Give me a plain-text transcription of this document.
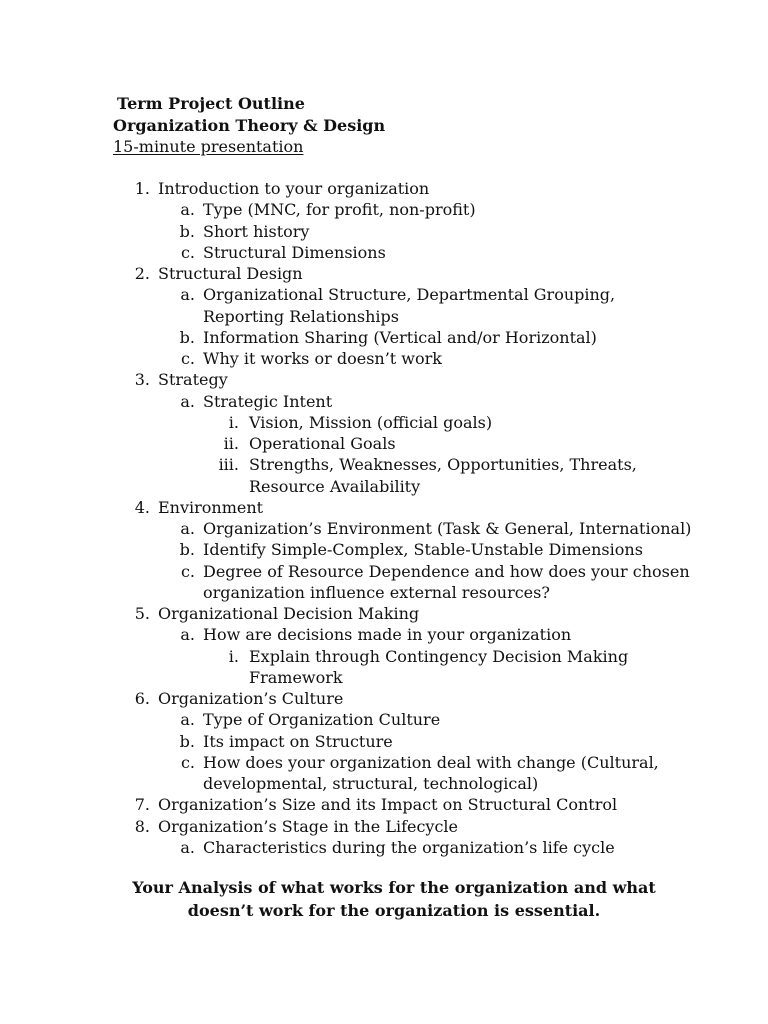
Term Project Outline
Organization Theory & Design
15-minute presentation
1. Introduction to your organization
a. Type (MNC, for profit, non-profit)
b. Short history
c. Structural Dimensions
2. Structural Design
a. Organizational Structure, Departmental Grouping,
Reporting Relationships
b. Information Sharing (Vertical and/or Horizontal)
c. Why it works or doesn’t work
3. Strategy
a. Strategic Intent
i. Vision, Mission (official goals)
ii. Operational Goals
iii. Strengths, Weaknesses, Opportunities, Threats,
Resource Availability
4. Environment
a. Organization’s Environment (Task & General, International)
b. Identify Simple-Complex, Stable-Unstable Dimensions
c. Degree of Resource Dependence and how does your chosen
organization influence external resources?
5. Organizational Decision Making
a. How are decisions made in your organization
i. Explain through Contingency Decision Making
Framework
6. Organization’s Culture
a. Type of Organization Culture
b. Its impact on Structure
c. How does your organization deal with change (Cultural,
developmental, structural, technological)
7. Organization’s Size and its Impact on Structural Control
8. Organization’s Stage in the Lifecycle
a. Characteristics during the organization’s life cycle
Your Analysis of what works for the organization and what
doesn’t work for the organization is essential.
